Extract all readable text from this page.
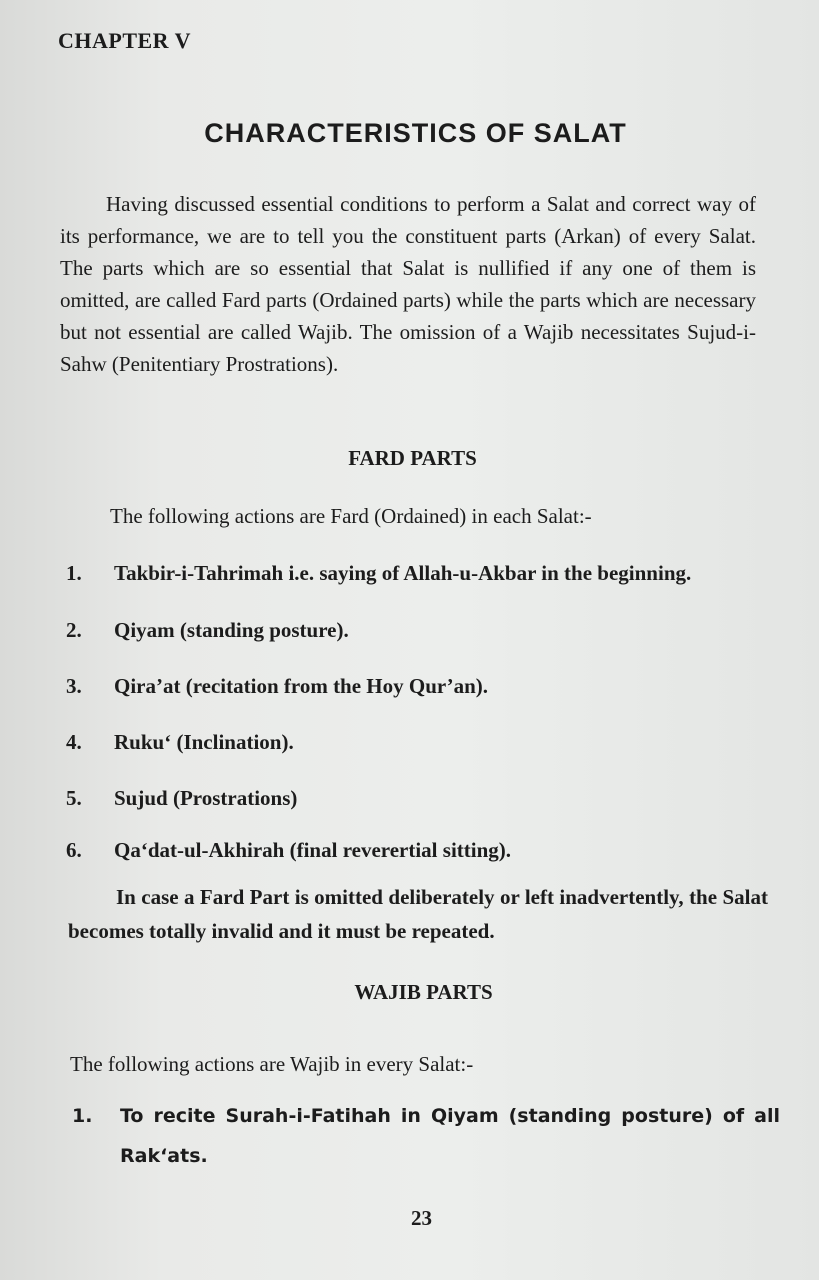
CHAPTER V
CHARACTERISTICS OF SALAT
Having discussed essential conditions to perform a Salat and correct way of its performance, we are to tell you the constituent parts (Arkan) of every Salat. The parts which are so essential that Salat is nullified if any one of them is omitted, are called Fard parts (Ordained parts) while the parts which are necessary but not essential are called Wajib. The omission of a Wajib necessitates Sujud-i-Sahw (Penitentiary Prostrations).
FARD PARTS
The following actions are Fard (Ordained) in each Salat:-
1. Takbir-i-Tahrimah i.e. saying of Allah-u-Akbar in the beginning.
2. Qiyam (standing posture).
3. Qira’at (recitation from the Hoy Qur’an).
4. Ruku‘ (Inclination).
5. Sujud (Prostrations)
6. Qa‘dat-ul-Akhirah (final reverertial sitting).
In case a Fard Part is omitted deliberately or left inadvertently, the Salat becomes totally invalid and it must be repeated.
WAJIB PARTS
The following actions are Wajib in every Salat:-
1. To recite Surah-i-Fatihah in Qiyam (standing posture) of all Rak‘ats.
23
